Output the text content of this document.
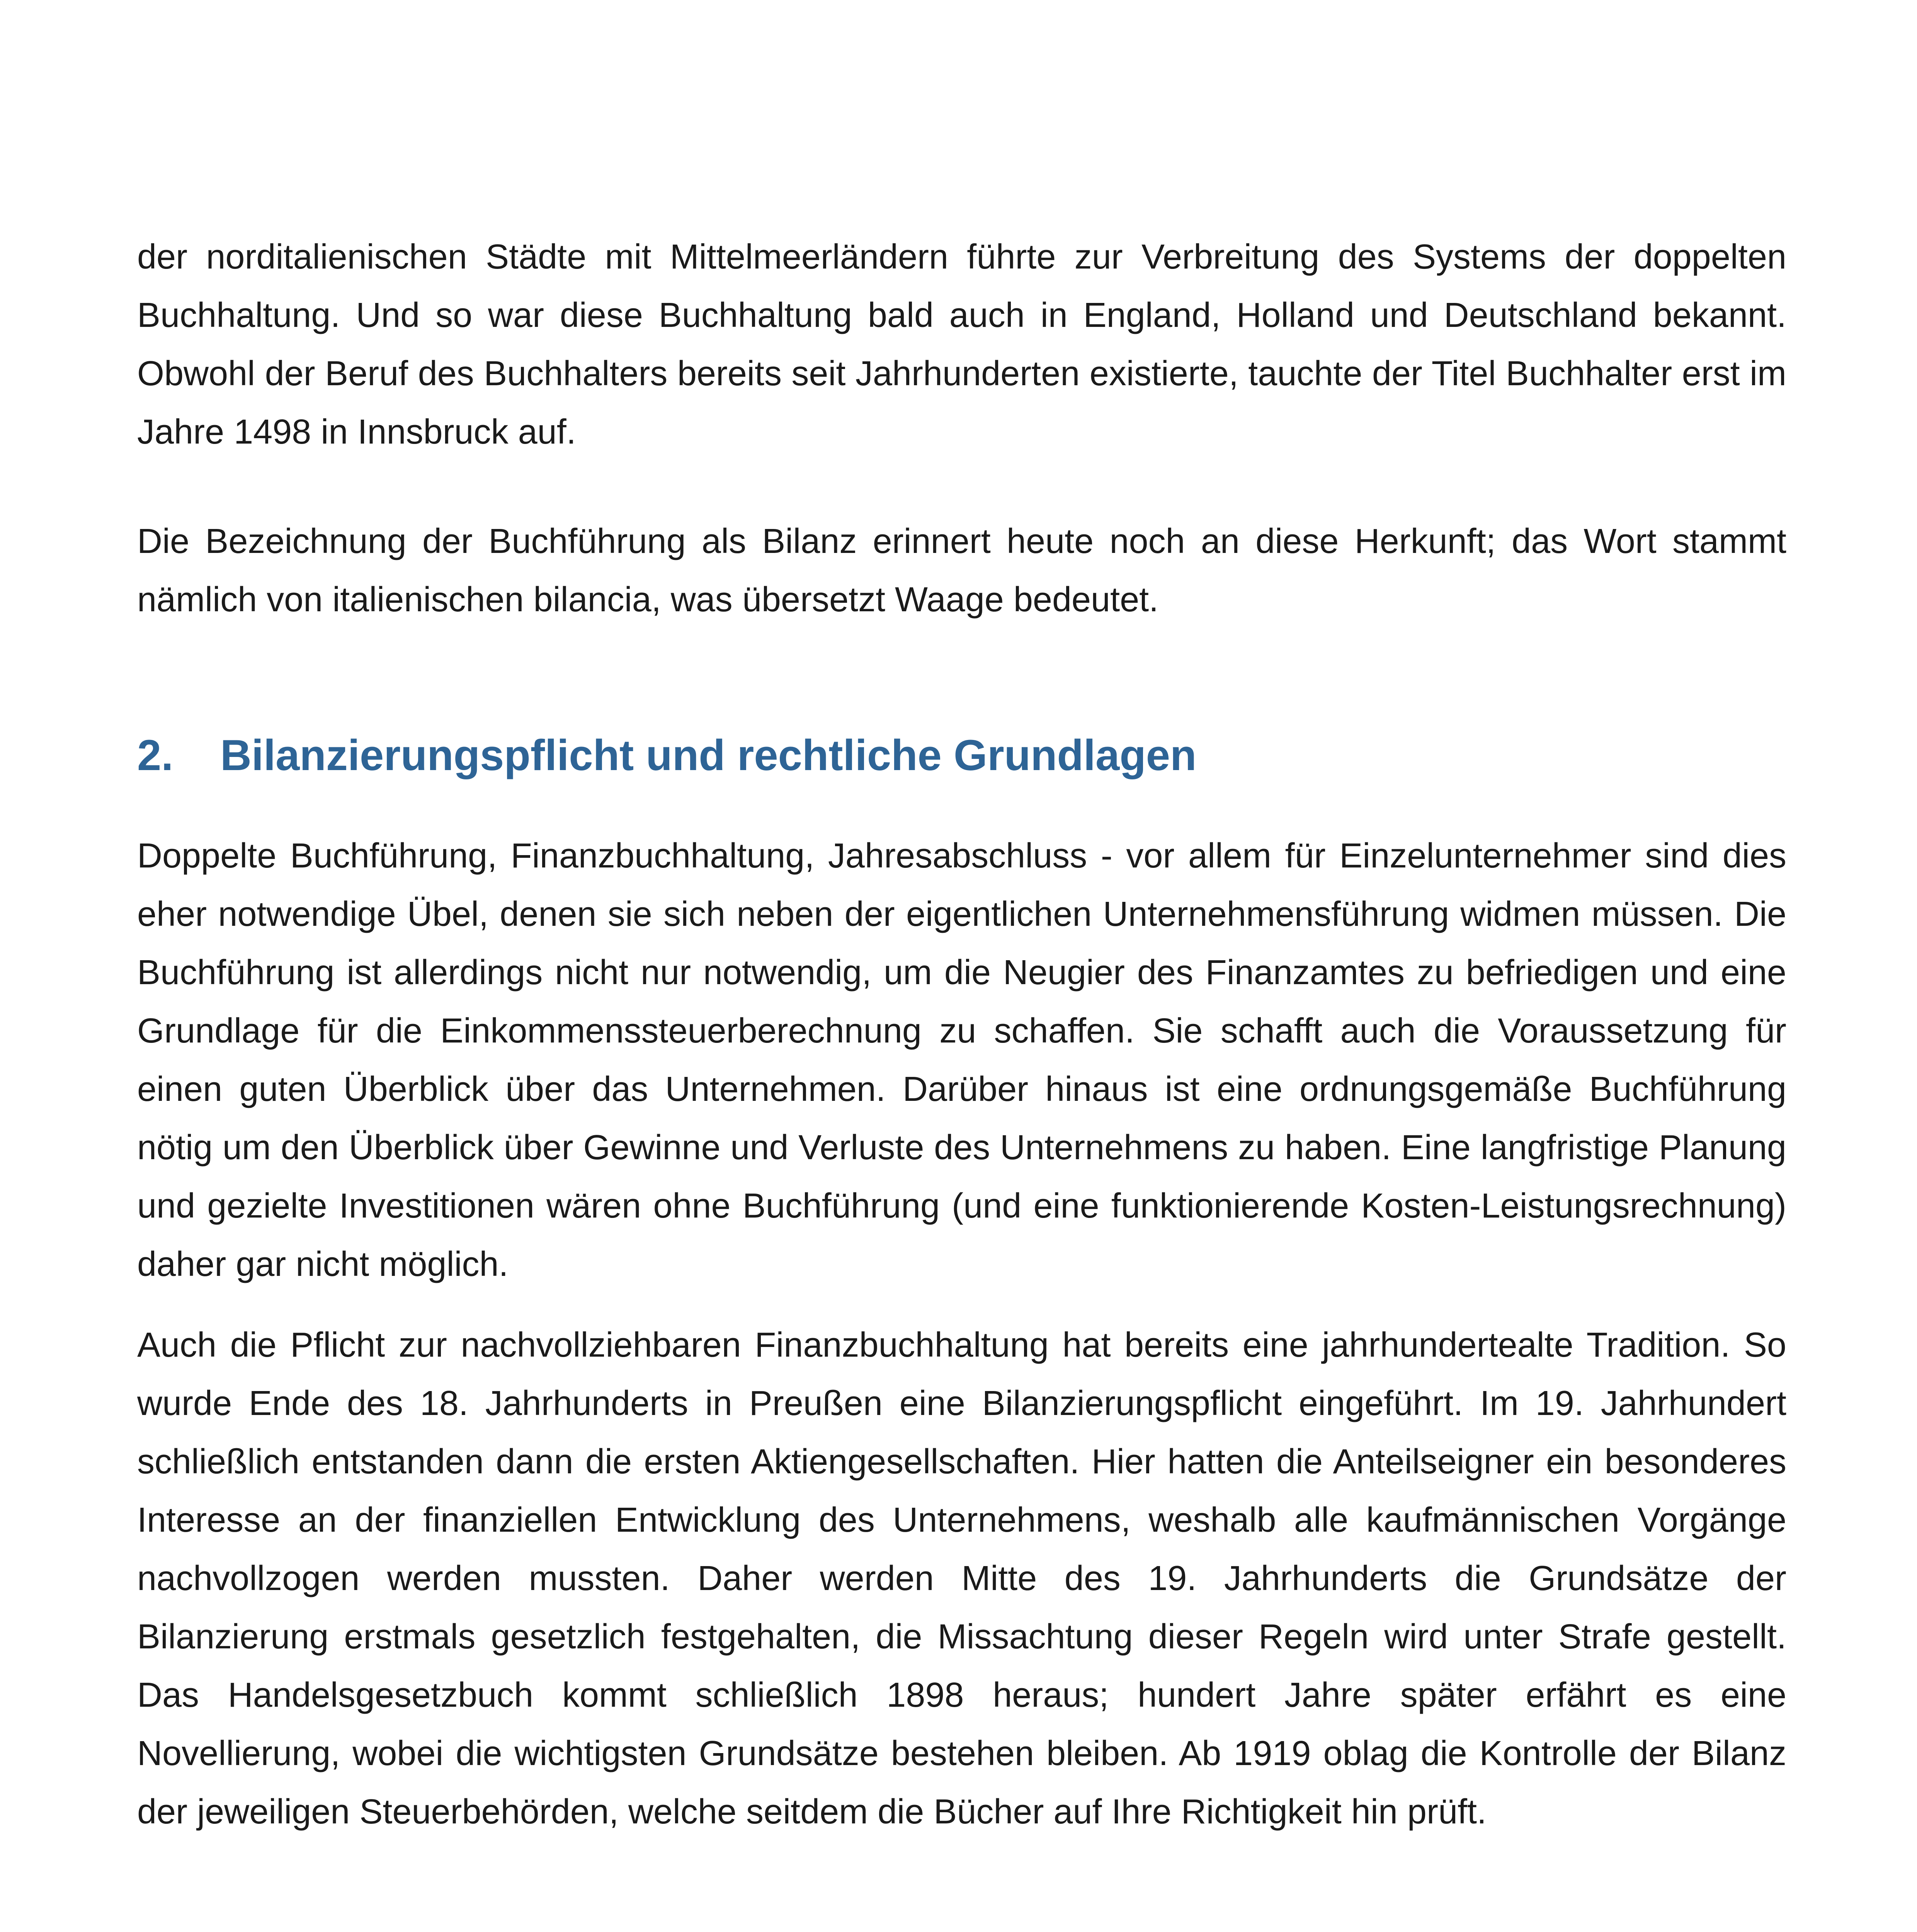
der norditalienischen Städte mit Mittelmeerländern führte zur Verbreitung des Systems der doppelten Buchhaltung. Und so war diese Buchhaltung bald auch in England, Holland und Deutschland bekannt. Obwohl der Beruf des Buchhalters bereits seit Jahrhunderten existierte, tauchte der Titel Buchhalter erst im Jahre 1498 in Innsbruck auf.

Die Bezeichnung der Buchführung als Bilanz erinnert heute noch an diese Herkunft; das Wort stammt nämlich von italienischen bilancia, was übersetzt Waage bedeutet.

2.	Bilanzierungspflicht und rechtliche Grundlagen

Doppelte Buchführung, Finanzbuchhaltung, Jahresabschluss - vor allem für Einzelunternehmer sind dies eher notwendige Übel, denen sie sich neben der eigentlichen Unternehmensführung widmen müssen. Die Buchführung ist allerdings nicht nur notwendig, um die Neugier des Finanzamtes zu befriedigen und eine Grundlage für die Einkommenssteuerberechnung zu schaffen. Sie schafft auch die Voraussetzung für einen guten Überblick über das Unternehmen. Darüber hinaus ist eine ordnungsgemäße Buchführung nötig um den Überblick über Gewinne und Verluste des Unternehmens zu haben. Eine langfristige Planung und gezielte Investitionen wären ohne Buchführung (und eine funktionierende Kosten-Leistungsrechnung) daher gar nicht möglich.

Auch die Pflicht zur nachvollziehbaren Finanzbuchhaltung hat bereits eine jahrhundertealte Tradition. So wurde Ende des 18. Jahrhunderts in Preußen eine Bilanzierungspflicht eingeführt. Im 19. Jahrhundert schließlich entstanden dann die ersten Aktiengesellschaften. Hier hatten die Anteilseigner ein besonderes Interesse an der finanziellen Entwicklung des Unternehmens, weshalb alle kaufmännischen Vorgänge nachvollzogen werden mussten. Daher werden Mitte des 19. Jahrhunderts die Grundsätze der Bilanzierung erstmals gesetzlich festgehalten, die Missachtung dieser Regeln wird unter Strafe gestellt. Das Handelsgesetzbuch kommt schließlich 1898 heraus; hundert Jahre später erfährt es eine Novellierung, wobei die wichtigsten Grundsätze bestehen bleiben. Ab 1919 oblag die Kontrolle der Bilanz der jeweiligen Steuerbehörden, welche seitdem die Bücher auf Ihre Richtigkeit hin prüft.
